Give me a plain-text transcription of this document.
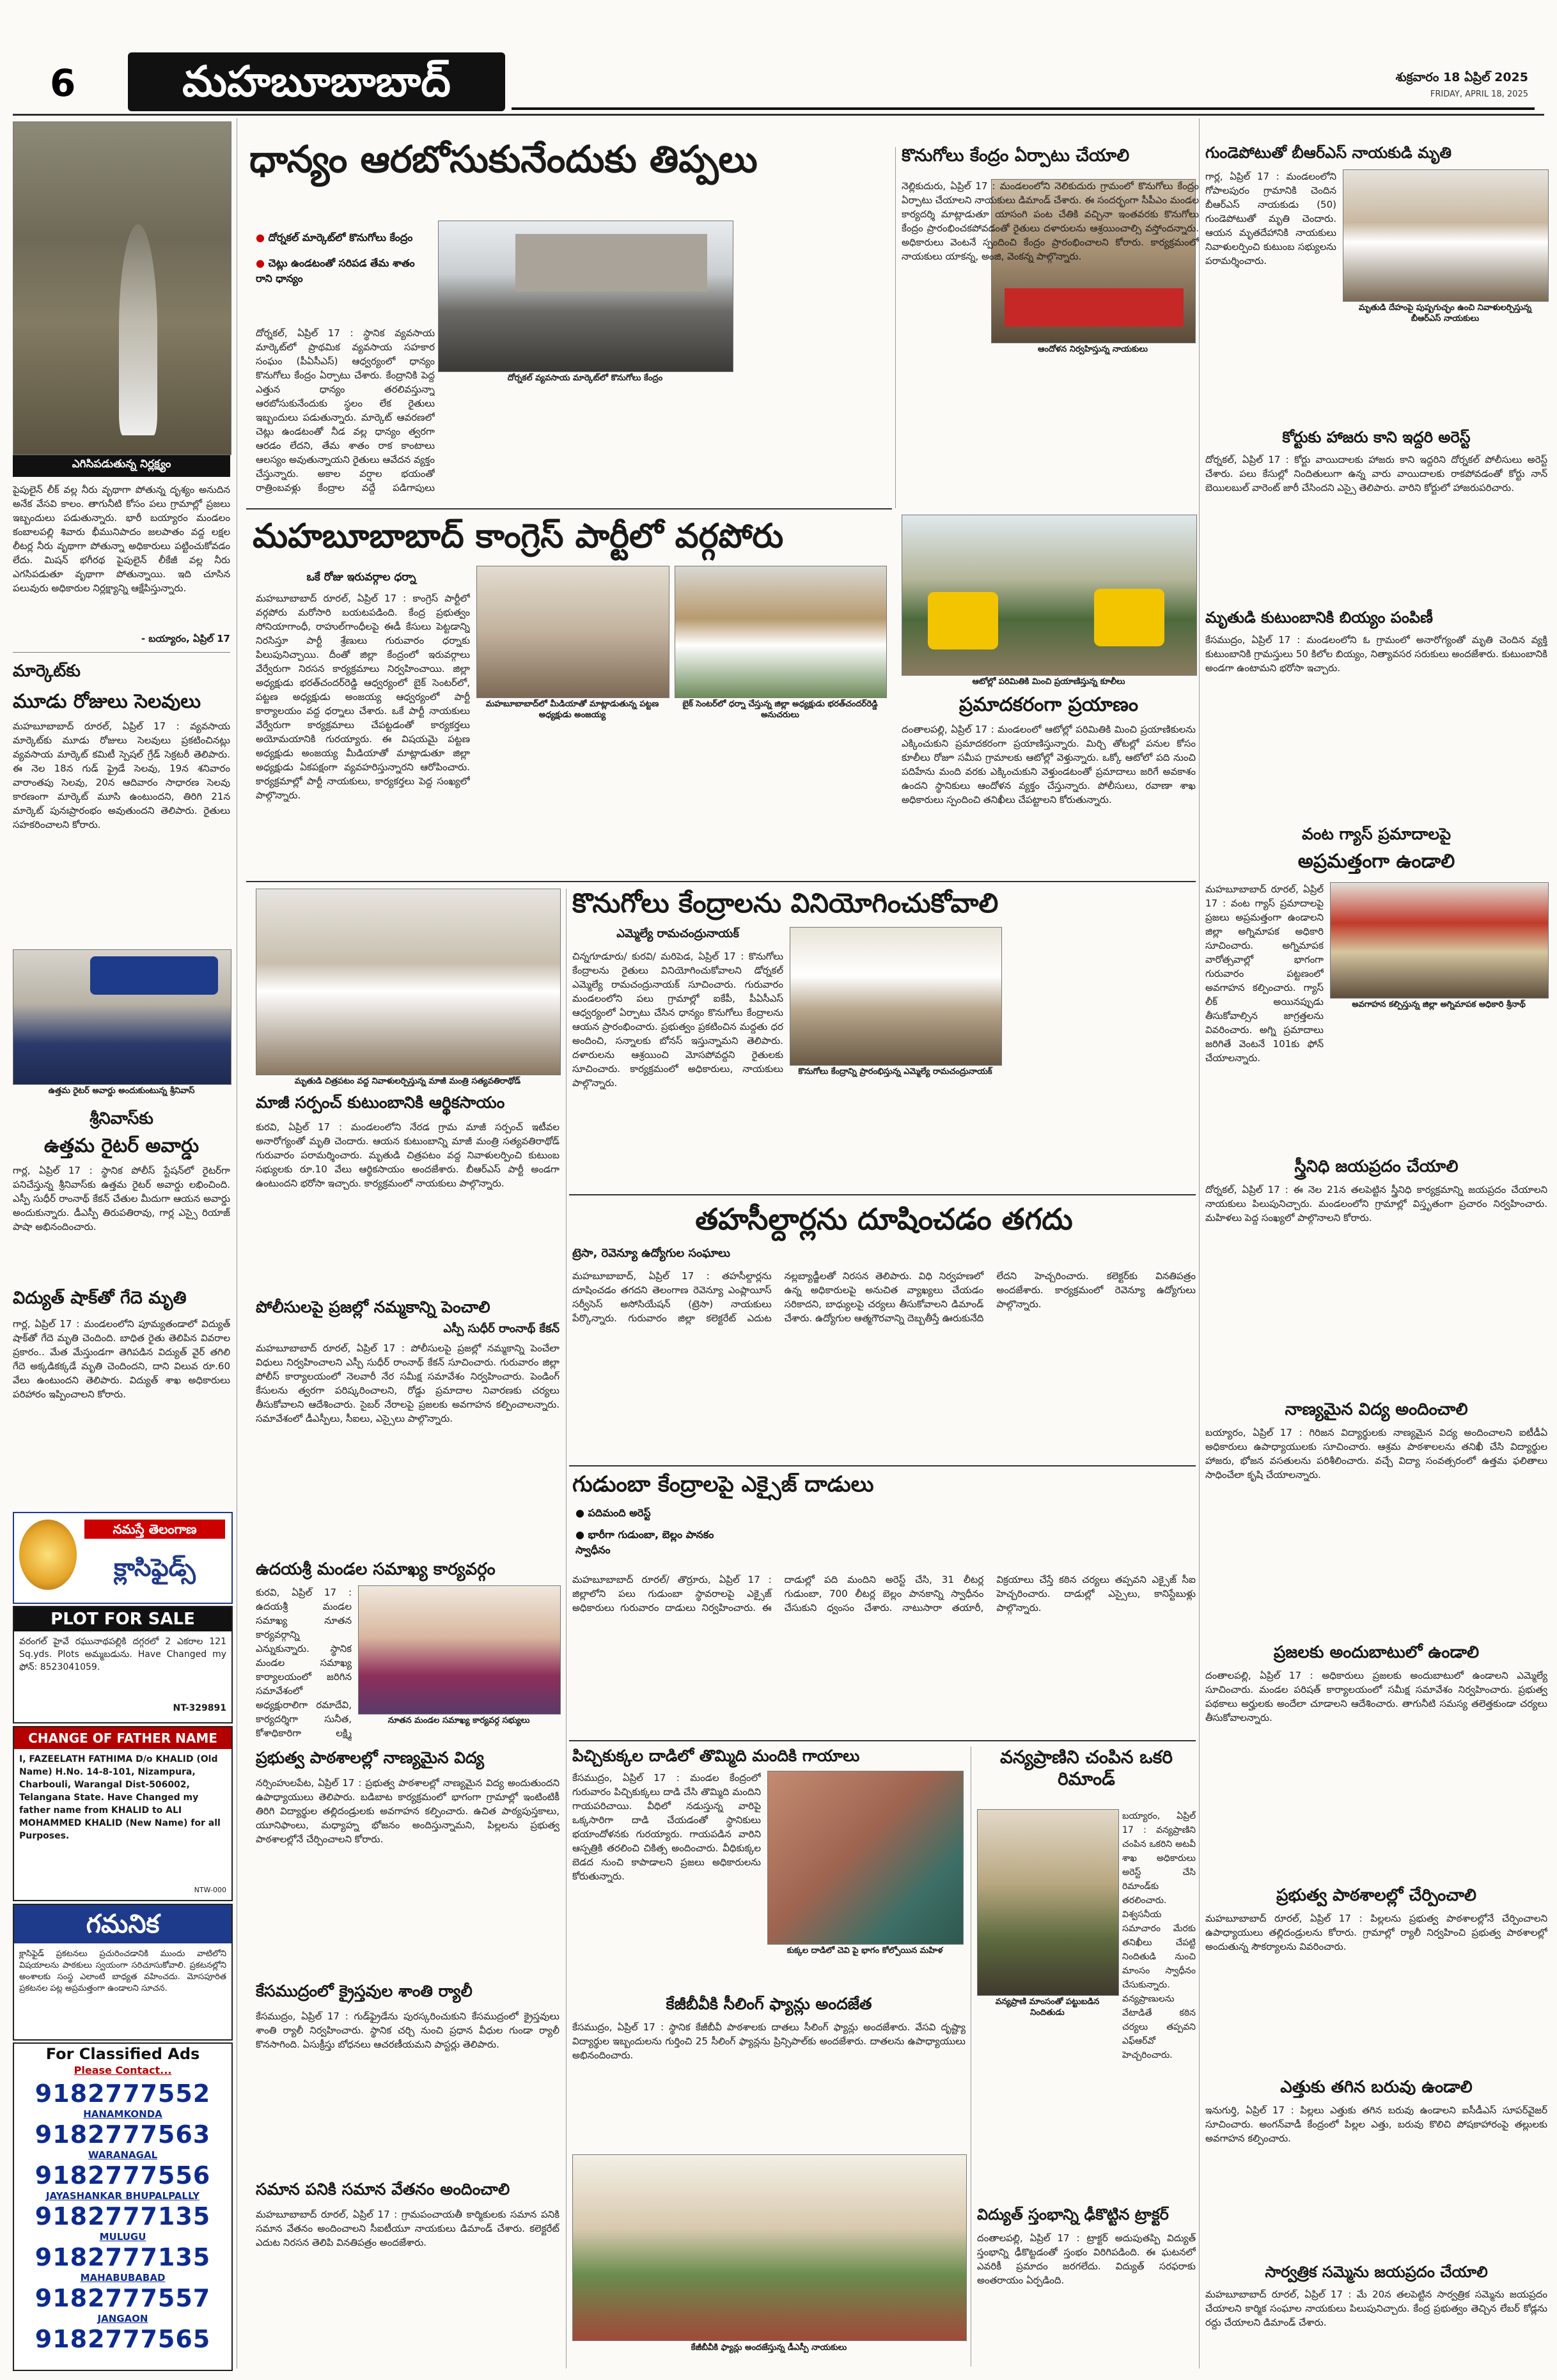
6	మహబూబాబాద్	శుక్రవారం 18 ఏప్రిల్ 2025
FRIDAY, APRIL 18, 2025
ఎగిసిపడుతున్న నిర్లక్ష్యం

పైపులైన్ లీక్ వల్ల నీరు వృథాగా పోతున్న దృశ్యం అనుదిన అనేక వేసవి కాలం. తాగునీటి కోసం పలు గ్రామాల్లో ప్రజలు ఇబ్బందులు పడుతున్నారు. భారీ బయ్యారం మండలం కంబాలపల్లి శివారు భీమునిపాదం జలపాతం వద్ద లక్షల లీటర్ల నీరు వృథాగా పోతున్నా అధికారులు పట్టించుకోవడం లేదు. మిషన్ భగీరథ పైపులైన్ లీకేజీ వల్ల నీరు ఎగసిపడుతూ వృథాగా పోతున్నాయి. ఇది చూసిన పలువురు అధికారుల నిర్లక్ష్యాన్ని ఆక్షేపిస్తున్నారు.

- బయ్యారం, ఏప్రిల్ 17
మార్కెట్‌కు
మూడు రోజులు సెలవులు

మహబూబాబాద్ రూరల్, ఏప్రిల్ 17 : వ్యవసాయ మార్కెట్‌కు మూడు రోజులు సెలవులు ప్రకటించినట్లు వ్యవసాయ మార్కెట్ కమిటీ స్పెషల్ గ్రేడ్ సెక్రటరీ తెలిపారు. ఈ నెల 18న గుడ్ ఫ్రైడే సెలవు, 19న శనివారం వారాంతపు సెలవు, 20న ఆదివారం సాధారణ సెలవు కారణంగా మార్కెట్ మూసి ఉంటుందని, తిరిగి 21న మార్కెట్ పునఃప్రారంభం అవుతుందని తెలిపారు. రైతులు సహకరించాలని కోరారు.

ఉత్తమ రైటర్ అవార్డు అందుకుంటున్న శ్రీనివాస్
శ్రీనివాస్‌కు
ఉత్తమ రైటర్ అవార్డు

గార్ల, ఏప్రిల్ 17 : స్థానిక పోలీస్ స్టేషన్‌లో రైటర్‌గా పనిచేస్తున్న శ్రీనివాస్‌కు ఉత్తమ రైటర్ అవార్డు లభించింది. ఎస్పీ సుధీర్ రాంనాథ్ కేకన్ చేతుల మీదుగా ఆయన అవార్డు అందుకున్నారు. డీఎస్పీ తిరుపతిరావు, గార్ల ఎస్సై రియాజ్ పాషా అభినందించారు.

విద్యుత్ షాక్‌తో గేదె మృతి

గార్ల, ఏప్రిల్ 17 : మండలంలోని పూమ్యతండాలో విద్యుత్ షాక్‌తో గేదె మృతి చెందింది. బాధిత రైతు తెలిపిన వివరాల ప్రకారం.. మేత మేస్తుండగా తెగిపడిన విద్యుత్ వైర్ తగిలి గేదె అక్కడికక్కడే మృతి చెందిందని, దాని విలువ రూ.60 వేలు ఉంటుందని తెలిపారు. విద్యుత్ శాఖ అధికారులు పరిహారం ఇప్పించాలని కోరారు.

నమస్తే తెలంగాణ
క్లాసిఫైడ్స్
PLOT FOR SALE

వరంగల్ హైవే రఘునాథపల్లికి దగ్గరలో 2 ఎకరాల 121 Sq.yds. Plots అమ్మబడును. Have Changed my ఫోన్: 8523041059.

NT-329891
CHANGE OF FATHER NAME

I, FAZEELATH FATHIMA D/o KHALID (Old Name) H.No. 14-8-101, Nizampura, Charbouli, Warangal Dist-506002, Telangana State. Have Changed my father name from KHALID to ALI MOHAMMED KHALID (New Name) for all Purposes.

NTW-000
గమనిక

క్లాసిఫైడ్ ప్రకటనలు ప్రచురించడానికి ముందు వాటిలోని విషయాలను పాఠకులు స్వయంగా సరిచూసుకోవాలి. ప్రకటనల్లోని అంశాలకు సంస్థ ఎలాంటి బాధ్యత వహించదు. మోసపూరిత ప్రకటనల పట్ల అప్రమత్తంగా ఉండాలని సూచన.

For Classified Ads
Please Contact...
9182777552
HANAMKONDA
9182777563
WARANAGAL
9182777556
JAYASHANKAR BHUPALPALLY
9182777135
MULUGU
9182777135
MAHABUBABAD
9182777557
JANGAON
9182777565
ధాన్యం ఆరబోసుకునేందుకు తిప్పలు
● దోర్నకల్ మార్కెట్‌లో కొనుగోలు కేంద్రం
● చెట్లు ఉండటంతో సరిపడ తేమ శాతం రాని ధాన్యం
దోర్నకల్ వ్యవసాయ మార్కెట్‌లో కొనుగోలు కేంద్రం

దోర్నకల్, ఏప్రిల్ 17 : స్థానిక వ్యవసాయ మార్కెట్‌లో ప్రాథమిక వ్యవసాయ సహకార సంఘం (పీఏసీఎస్) ఆధ్వర్యంలో ధాన్యం కొనుగోలు కేంద్రం ఏర్పాటు చేశారు. కేంద్రానికి పెద్ద ఎత్తున ధాన్యం తరలివస్తున్నా ఆరబోసుకునేందుకు స్థలం లేక రైతులు ఇబ్బందులు పడుతున్నారు. మార్కెట్ ఆవరణలో చెట్లు ఉండటంతో నీడ వల్ల ధాన్యం త్వరగా ఆరడం లేదని, తేమ శాతం రాక కాంటాలు ఆలస్యం అవుతున్నాయని రైతులు ఆవేదన వ్యక్తం చేస్తున్నారు. అకాల వర్షాల భయంతో రాత్రింబవళ్లు కేంద్రాల వద్దే పడిగాపులు

కొనుగోలు కేంద్రం ఏర్పాటు చేయాలి
ఆందోళన నిర్వహిస్తున్న నాయకులు

నెల్లికుదురు, ఏప్రిల్ 17 : మండలంలోని నెలికుదురు గ్రామంలో కొనుగోలు కేంద్రం ఏర్పాటు చేయాలని నాయకులు డిమాండ్ చేశారు. ఈ సందర్భంగా సీపీఎం మండల కార్యదర్శి మాట్లాడుతూ యాసంగి పంట చేతికి వచ్చినా ఇంతవరకు కొనుగోలు కేంద్రం ప్రారంభించకపోవడంతో రైతులు దళారులను ఆశ్రయించాల్సి వస్తోందన్నారు. అధికారులు వెంటనే స్పందించి కేంద్రం ప్రారంభించాలని కోరారు. కార్యక్రమంలో నాయకులు యాకన్న, అంజి, వెంకన్న పాల్గొన్నారు.

మహబూబాబాద్ కాంగ్రెస్ పార్టీలో వర్గపోరు
ఒకే రోజు ఇరువర్గాల ధర్నా
మహబూబాబాద్‌లో మీడియాతో మాట్లాడుతున్న పట్టణ అధ్యక్షుడు అంజయ్య
బైక్ సెంటర్‌లో ధర్నా చేస్తున్న జిల్లా అధ్యక్షుడు భరత్‌చందర్‌రెడ్డి అనుచరులు

మహబూబాబాద్ రూరల్, ఏప్రిల్ 17 : కాంగ్రెస్ పార్టీలో వర్గపోరు మరోసారి బయటపడింది. కేంద్ర ప్రభుత్వం సోనియాగాంధీ, రాహుల్‌గాంధీలపై ఈడీ కేసులు పెట్టడాన్ని నిరసిస్తూ పార్టీ శ్రేణులు గురువారం ధర్నాకు పిలుపునిచ్చాయి. దీంతో జిల్లా కేంద్రంలో ఇరువర్గాలు వేర్వేరుగా నిరసన కార్యక్రమాలు నిర్వహించాయి. జిల్లా అధ్యక్షుడు భరత్‌చందర్‌రెడ్డి ఆధ్వర్యంలో బైక్ సెంటర్‌లో, పట్టణ అధ్యక్షుడు అంజయ్య ఆధ్వర్యంలో పార్టీ కార్యాలయం వద్ద ధర్నాలు చేశారు. ఒకే పార్టీ నాయకులు వేర్వేరుగా కార్యక్రమాలు చేపట్టడంతో కార్యకర్తలు అయోమయానికి గురయ్యారు. ఈ విషయమై పట్టణ అధ్యక్షుడు అంజయ్య మీడియాతో మాట్లాడుతూ జిల్లా అధ్యక్షుడు ఏకపక్షంగా వ్యవహరిస్తున్నారని ఆరోపించారు. కార్యక్రమాల్లో పార్టీ నాయకులు, కార్యకర్తలు పెద్ద సంఖ్యలో పాల్గొన్నారు.

ఆటోల్లో పరిమితికి మించి ప్రయాణిస్తున్న కూలీలు
ప్రమాదకరంగా ప్రయాణం

దంతాలపల్లి, ఏప్రిల్ 17 : మండలంలో ఆటోల్లో పరిమితికి మించి ప్రయాణికులను ఎక్కించుకుని ప్రమాదకరంగా ప్రయాణిస్తున్నారు. మిర్చి తోటల్లో పనుల కోసం కూలీలు రోజూ సమీప గ్రామాలకు ఆటోల్లో వెళ్తున్నారు. ఒక్కో ఆటోలో పది నుంచి పదిహేను మంది వరకు ఎక్కించుకుని వెళ్తుండటంతో ప్రమాదాలు జరిగే అవకాశం ఉందని స్థానికులు ఆందోళన వ్యక్తం చేస్తున్నారు. పోలీసులు, రవాణా శాఖ అధికారులు స్పందించి తనిఖీలు చేపట్టాలని కోరుతున్నారు.

మృతుడి చిత్రపటం వద్ద నివాళులర్పిస్తున్న మాజీ మంత్రి సత్యవతిరాథోడ్
మాజీ సర్పంచ్ కుటుంబానికి ఆర్థికసాయం

కురవి, ఏప్రిల్ 17 : మండలంలోని నేరడ గ్రామ మాజీ సర్పంచ్ ఇటీవల అనారోగ్యంతో మృతి చెందారు. ఆయన కుటుంబాన్ని మాజీ మంత్రి సత్యవతిరాథోడ్ గురువారం పరామర్శించారు. మృతుడి చిత్రపటం వద్ద నివాళులర్పించి కుటుంబ సభ్యులకు రూ.10 వేలు ఆర్థికసాయం అందజేశారు. బీఆర్‌ఎస్ పార్టీ అండగా ఉంటుందని భరోసా ఇచ్చారు. కార్యక్రమంలో నాయకులు పాల్గొన్నారు.

పోలీసులపై ప్రజల్లో నమ్మకాన్ని పెంచాలి
ఎస్పీ సుధీర్ రాంనాథ్ కేకన్

మహబూబాబాద్ రూరల్, ఏప్రిల్ 17 : పోలీసులపై ప్రజల్లో నమ్మకాన్ని పెంచేలా విధులు నిర్వహించాలని ఎస్పీ సుధీర్ రాంనాథ్ కేకన్ సూచించారు. గురువారం జిల్లా పోలీస్ కార్యాలయంలో నెలవారీ నేర సమీక్ష సమావేశం నిర్వహించారు. పెండింగ్ కేసులను త్వరగా పరిష్కరించాలని, రోడ్డు ప్రమాదాల నివారణకు చర్యలు తీసుకోవాలని ఆదేశించారు. సైబర్ నేరాలపై ప్రజలకు అవగాహన కల్పించాలన్నారు. సమావేశంలో డీఎస్పీలు, సీఐలు, ఎస్సైలు పాల్గొన్నారు.

ఉదయశ్రీ మండల సమాఖ్య కార్యవర్గం
నూతన మండల సమాఖ్య కార్యవర్గ సభ్యులు

కురవి, ఏప్రిల్ 17 : ఉదయశ్రీ మండల సమాఖ్య నూతన కార్యవర్గాన్ని ఎన్నుకున్నారు. స్థానిక మండల సమాఖ్య కార్యాలయంలో జరిగిన సమావేశంలో అధ్యక్షురాలిగా రమాదేవి, కార్యదర్శిగా సునీత, కోశాధికారిగా లక్ష్మి

ప్రభుత్వ పాఠశాలల్లో నాణ్యమైన విద్య

నర్సింహులపేట, ఏప్రిల్ 17 : ప్రభుత్వ పాఠశాలల్లో నాణ్యమైన విద్య అందుతుందని ఉపాధ్యాయులు తెలిపారు. బడిబాట కార్యక్రమంలో భాగంగా గ్రామాల్లో ఇంటింటికీ తిరిగి విద్యార్థుల తల్లిదండ్రులకు అవగాహన కల్పించారు. ఉచిత పాఠ్యపుస్తకాలు, యూనిఫాంలు, మధ్యాహ్న భోజనం అందిస్తున్నామని, పిల్లలను ప్రభుత్వ పాఠశాలల్లోనే చేర్పించాలని కోరారు.

కేసముద్రంలో క్రైస్తవుల శాంతి ర్యాలీ

కేసముద్రం, ఏప్రిల్ 17 : గుడ్‌ఫ్రైడేను పురస్కరించుకుని కేసముద్రంలో క్రైస్తవులు శాంతి ర్యాలీ నిర్వహించారు. స్థానిక చర్చి నుంచి ప్రధాన వీధుల గుండా ర్యాలీ కొనసాగింది. ఏసుక్రీస్తు బోధనలు ఆచరణీయమని పాస్టర్లు తెలిపారు.

సమాన పనికి సమాన వేతనం అందించాలి

మహబూబాబాద్ రూరల్, ఏప్రిల్ 17 : గ్రామపంచాయతీ కార్మికులకు సమాన పనికి సమాన వేతనం అందించాలని సీఐటీయూ నాయకులు డిమాండ్ చేశారు. కలెక్టరేట్ ఎదుట నిరసన తెలిపి వినతిపత్రం అందజేశారు.

కొనుగోలు కేంద్రాలను వినియోగించుకోవాలి
ఎమ్మెల్యే రామచంద్రునాయక్
కొనుగోలు కేంద్రాన్ని ప్రారంభిస్తున్న ఎమ్మెల్యే రామచంద్రునాయక్

చిన్నగూడూరు/ కురవి/ మరిపెడ, ఏప్రిల్ 17 : కొనుగోలు కేంద్రాలను రైతులు వినియోగించుకోవాలని డోర్నకల్ ఎమ్మెల్యే రామచంద్రునాయక్ సూచించారు. గురువారం మండలంలోని పలు గ్రామాల్లో ఐకేపీ, పీఏసీఎస్ ఆధ్వర్యంలో ఏర్పాటు చేసిన ధాన్యం కొనుగోలు కేంద్రాలను ఆయన ప్రారంభించారు. ప్రభుత్వం ప్రకటించిన మద్దతు ధర అందించి, సన్నాలకు బోనస్ ఇస్తున్నామని తెలిపారు. దళారులను ఆశ్రయించి మోసపోవద్దని రైతులకు సూచించారు. కార్యక్రమంలో అధికారులు, నాయకులు పాల్గొన్నారు.

తహసీల్దార్లను దూషించడం తగదు
ట్రెసా, రెవెన్యూ ఉద్యోగుల సంఘాలు

మహబూబాబాద్, ఏప్రిల్ 17 : తహసీల్దార్లను దూషించడం తగదని తెలంగాణ రెవెన్యూ ఎంప్లాయీస్ సర్వీసెస్ అసోసియేషన్ (ట్రెసా) నాయకులు పేర్కొన్నారు. గురువారం జిల్లా కలెక్టరేట్ ఎదుట నల్లబ్యాడ్జీలతో నిరసన తెలిపారు. విధి నిర్వహణలో ఉన్న అధికారులపై అనుచిత వ్యాఖ్యలు చేయడం సరికాదని, బాధ్యులపై చర్యలు తీసుకోవాలని డిమాండ్ చేశారు. ఉద్యోగుల ఆత్మగౌరవాన్ని దెబ్బతీస్తే ఊరుకునేది లేదని హెచ్చరించారు. కలెక్టర్‌కు వినతిపత్రం అందజేశారు. కార్యక్రమంలో రెవెన్యూ ఉద్యోగులు పాల్గొన్నారు.

గుడుంబా కేంద్రాలపై ఎక్సైజ్ దాడులు
● పదిమంది అరెస్ట్
● భారీగా గుడుంబా, బెల్లం పానకం స్వాధీనం

మహబూబాబాద్ రూరల్/ తొర్రూరు, ఏప్రిల్ 17 : జిల్లాలోని పలు గుడుంబా స్థావరాలపై ఎక్సైజ్ అధికారులు గురువారం దాడులు నిర్వహించారు. ఈ దాడుల్లో పది మందిని అరెస్ట్ చేసి, 31 లీటర్ల గుడుంబా, 700 లీటర్ల బెల్లం పానకాన్ని స్వాధీనం చేసుకుని ధ్వంసం చేశారు. నాటుసారా తయారీ, విక్రయాలు చేస్తే కఠిన చర్యలు తప్పవని ఎక్సైజ్ సీఐ హెచ్చరించారు. దాడుల్లో ఎస్సైలు, కానిస్టేబుళ్లు పాల్గొన్నారు.

పిచ్చికుక్కల దాడిలో తొమ్మిది మందికి గాయాలు
కుక్కల దాడిలో చెవి పై భాగం కోల్పోయిన మహిళ

కేసముద్రం, ఏప్రిల్ 17 : మండల కేంద్రంలో గురువారం పిచ్చికుక్కలు దాడి చేసి తొమ్మిది మందిని గాయపరిచాయి. వీధిలో నడుస్తున్న వారిపై ఒక్కసారిగా దాడి చేయడంతో స్థానికులు భయాందోళనకు గురయ్యారు. గాయపడిన వారిని ఆస్పత్రికి తరలించి చికిత్స అందించారు. వీధికుక్కల బెడద నుంచి కాపాడాలని ప్రజలు అధికారులను కోరుతున్నారు.

కేజీబీవీకి సీలింగ్ ఫ్యాన్లు అందజేత

కేసముద్రం, ఏప్రిల్ 17 : స్థానిక కేజీబీవీ పాఠశాలకు దాతలు సీలింగ్ ఫ్యాన్లు అందజేశారు. వేసవి దృష్ట్యా విద్యార్థుల ఇబ్బందులను గుర్తించి 25 సీలింగ్ ఫ్యాన్లను ప్రిన్సిపాల్‌కు అందజేశారు. దాతలను ఉపాధ్యాయులు అభినందించారు.

కేజీబీవీకి ఫ్యాన్లు అందజేస్తున్న డీఎస్పీ నాయకులు
వన్యప్రాణిని చంపిన ఒకరి రిమాండ్
వన్యప్రాణి మాంసంతో పట్టుబడిన నిందితుడు

బయ్యారం, ఏప్రిల్ 17 : వన్యప్రాణిని చంపిన ఒకరిని అటవీ శాఖ అధికారులు అరెస్ట్ చేసి రిమాండ్‌కు తరలించారు. విశ్వసనీయ సమాచారం మేరకు తనిఖీలు చేపట్టి నిందితుడి నుంచి మాంసం స్వాధీనం చేసుకున్నారు. వన్యప్రాణులను వేటాడితే కఠిన చర్యలు తప్పవని ఎఫ్‌ఆర్‌వో హెచ్చరించారు.

విద్యుత్ స్తంభాన్ని ఢీకొట్టిన ట్రాక్టర్

దంతాలపల్లి, ఏప్రిల్ 17 : ట్రాక్టర్ అదుపుతప్పి విద్యుత్ స్తంభాన్ని ఢీకొట్టడంతో స్తంభం విరిగిపడింది. ఈ ఘటనలో ఎవరికీ ప్రమాదం జరగలేదు. విద్యుత్ సరఫరాకు అంతరాయం ఏర్పడింది.

గుండెపోటుతో బీఆర్‌ఎస్ నాయకుడి మృతి
మృతుడి దేహంపై పుష్పగుచ్ఛం ఉంచి నివాళులర్పిస్తున్న బీఆర్‌ఎస్ నాయకులు

గార్ల, ఏప్రిల్ 17 : మండలంలోని గోపాలపురం గ్రామానికి చెందిన బీఆర్‌ఎస్ నాయకుడు (50) గుండెపోటుతో మృతి చెందారు. ఆయన మృతదేహానికి నాయకులు నివాళులర్పించి కుటుంబ సభ్యులను పరామర్శించారు.

కోర్టుకు హాజరు కాని ఇద్దరి అరెస్ట్

దోర్నకల్, ఏప్రిల్ 17 : కోర్టు వాయిదాలకు హాజరు కాని ఇద్దరిని దోర్నకల్ పోలీసులు అరెస్ట్ చేశారు. పలు కేసుల్లో నిందితులుగా ఉన్న వారు వాయిదాలకు రాకపోవడంతో కోర్టు నాన్ బెయిలబుల్ వారెంట్ జారీ చేసిందని ఎస్సై తెలిపారు. వారిని కోర్టులో హాజరుపరిచారు.

మృతుడి కుటుంబానికి బియ్యం పంపిణీ

కేసముద్రం, ఏప్రిల్ 17 : మండలంలోని ఓ గ్రామంలో అనారోగ్యంతో మృతి చెందిన వ్యక్తి కుటుంబానికి గ్రామస్తులు 50 కిలోల బియ్యం, నిత్యావసర సరుకులు అందజేశారు. కుటుంబానికి అండగా ఉంటామని భరోసా ఇచ్చారు.

వంట గ్యాస్ ప్రమాదాలపై
అప్రమత్తంగా ఉండాలి
అవగాహన కల్పిస్తున్న జిల్లా అగ్నిమాపక అధికారి శ్రీనాథ్

మహబూబాబాద్ రూరల్, ఏప్రిల్ 17 : వంట గ్యాస్ ప్రమాదాలపై ప్రజలు అప్రమత్తంగా ఉండాలని జిల్లా అగ్నిమాపక అధికారి సూచించారు. అగ్నిమాపక వారోత్సవాల్లో భాగంగా గురువారం పట్టణంలో అవగాహన కల్పించారు. గ్యాస్ లీక్ అయినప్పుడు తీసుకోవాల్సిన జాగ్రత్తలను వివరించారు. అగ్ని ప్రమాదాలు జరిగితే వెంటనే 101కు ఫోన్ చేయాలన్నారు.

స్త్రీనిధి జయప్రదం చేయాలి

దోర్నకల్, ఏప్రిల్ 17 : ఈ నెల 21న తలపెట్టిన స్త్రీనిధి కార్యక్రమాన్ని జయప్రదం చేయాలని నాయకులు పిలుపునిచ్చారు. మండలంలోని గ్రామాల్లో విస్తృతంగా ప్రచారం నిర్వహించారు. మహిళలు పెద్ద సంఖ్యలో పాల్గొనాలని కోరారు.

నాణ్యమైన విద్య అందించాలి

బయ్యారం, ఏప్రిల్ 17 : గిరిజన విద్యార్థులకు నాణ్యమైన విద్య అందించాలని ఐటీడీఏ అధికారులు ఉపాధ్యాయులకు సూచించారు. ఆశ్రమ పాఠశాలలను తనిఖీ చేసి విద్యార్థుల హాజరు, భోజన వసతులను పరిశీలించారు. వచ్చే విద్యా సంవత్సరంలో ఉత్తమ ఫలితాలు సాధించేలా కృషి చేయాలన్నారు.

ప్రజలకు అందుబాటులో ఉండాలి

దంతాలపల్లి, ఏప్రిల్ 17 : అధికారులు ప్రజలకు అందుబాటులో ఉండాలని ఎమ్మెల్యే సూచించారు. మండల పరిషత్ కార్యాలయంలో సమీక్ష సమావేశం నిర్వహించారు. ప్రభుత్వ పథకాలు అర్హులకు అందేలా చూడాలని ఆదేశించారు. తాగునీటి సమస్య తలెత్తకుండా చర్యలు తీసుకోవాలన్నారు.

ప్రభుత్వ పాఠశాలల్లో చేర్పించాలి

మహబూబాబాద్ రూరల్, ఏప్రిల్ 17 : పిల్లలను ప్రభుత్వ పాఠశాలల్లోనే చేర్పించాలని ఉపాధ్యాయులు తల్లిదండ్రులను కోరారు. గ్రామాల్లో ర్యాలీ నిర్వహించి ప్రభుత్వ పాఠశాలల్లో అందుతున్న సౌకర్యాలను వివరించారు.

ఎత్తుకు తగిన బరువు ఉండాలి

ఇనుగుర్తి, ఏప్రిల్ 17 : పిల్లలు ఎత్తుకు తగిన బరువు ఉండాలని ఐసీడీఎస్ సూపర్‌వైజర్ సూచించారు. అంగన్‌వాడీ కేంద్రంలో పిల్లల ఎత్తు, బరువు కొలిచి పోషకాహారంపై తల్లులకు అవగాహన కల్పించారు.

సార్వత్రిక సమ్మెను జయప్రదం చేయాలి

మహబూబాబాద్ రూరల్, ఏప్రిల్ 17 : మే 20న తలపెట్టిన సార్వత్రిక సమ్మెను జయప్రదం చేయాలని కార్మిక సంఘాల నాయకులు పిలుపునిచ్చారు. కేంద్ర ప్రభుత్వం తెచ్చిన లేబర్ కోడ్లను రద్దు చేయాలని డిమాండ్ చేశారు.
